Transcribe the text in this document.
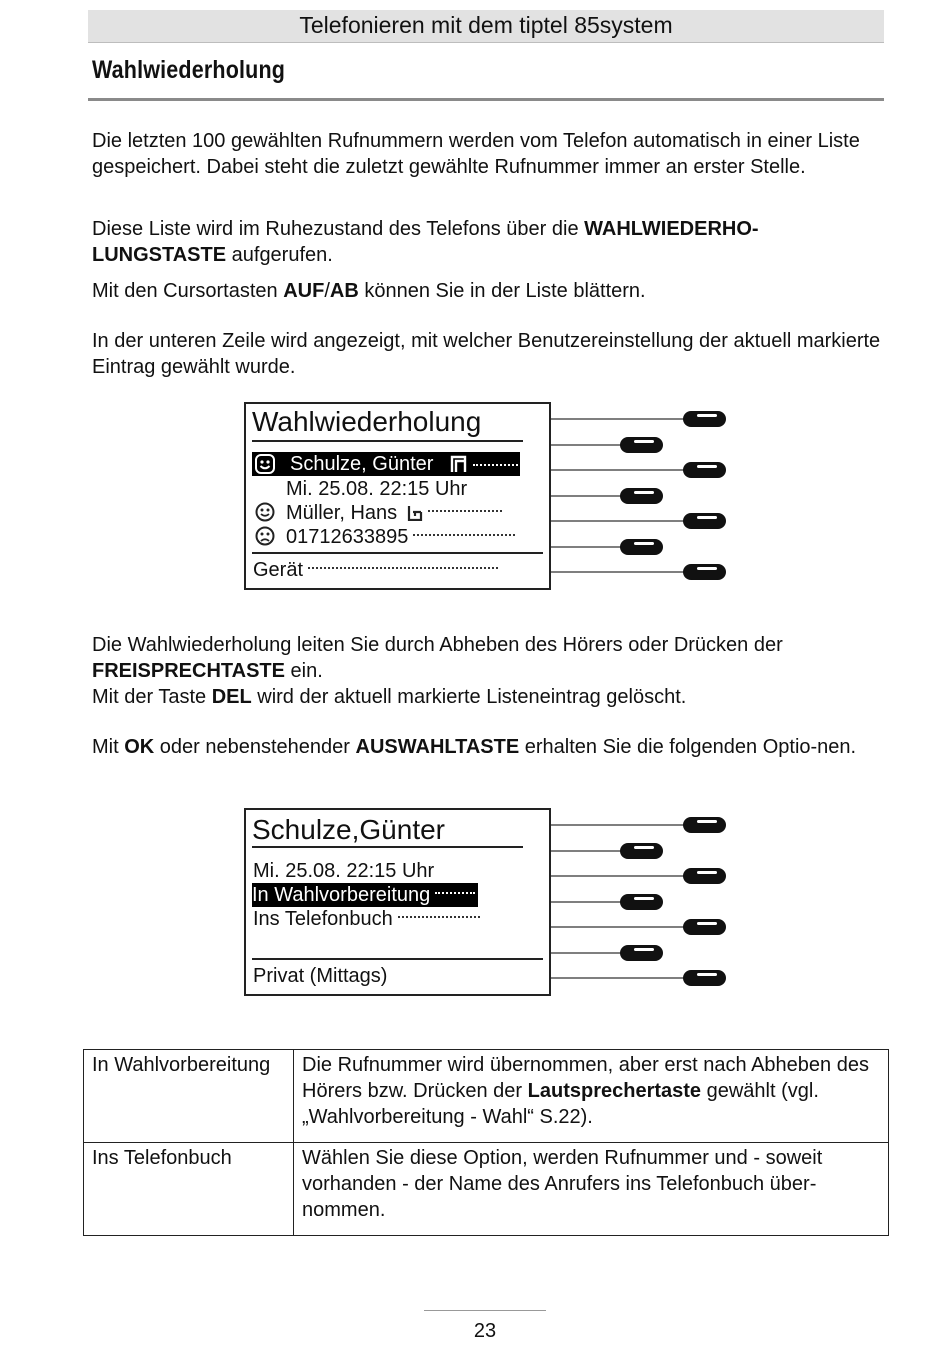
Telefonieren mit dem tiptel 85system
Wahlwiederholung

Die letzten 100 gewählten Rufnummern werden vom Telefon automatisch in einer Liste gespeichert. Dabei steht die zuletzt gewählte Rufnummer immer an erster Stelle.

Diese Liste wird im Ruhezustand des Telefons über die WAHLWIEDERHO-LUNGSTASTE aufgerufen.

Mit den Cursortasten AUF/AB können Sie in der Liste blättern.

In der unteren Zeile wird angezeigt, mit welcher Benutzereinstellung der aktuell markierte Eintrag gewählt wurde.

Wahlwiederholung
Schulze, Günter
Mi. 25.08. 22:15 Uhr
Müller, Hans
01712633895
Gerät

Die Wahlwiederholung leiten Sie durch Abheben des Hörers oder Drücken der FREISPRECHTASTE ein.

Mit der Taste DEL wird der aktuell markierte Listeneintrag gelöscht.

Mit OK oder nebenstehender AUSWAHLTASTE erhalten Sie die folgenden Optio-nen.

Schulze,Günter
Mi. 25.08. 22:15 Uhr
In Wahlvorbereitung
Ins Telefonbuch
Privat (Mittags)
In Wahlvorbereitung	Die Rufnummer wird übernommen, aber erst nach Abheben des Hörers bzw. Drücken der Lautsprechertaste gewählt (vgl. „Wahlvorbereitung - Wahl“ S.22).
Ins Telefonbuch	Wählen Sie diese Option, werden Rufnummer und - soweit vorhanden - der Name des Anrufers ins Telefonbuch über-nommen.
23
